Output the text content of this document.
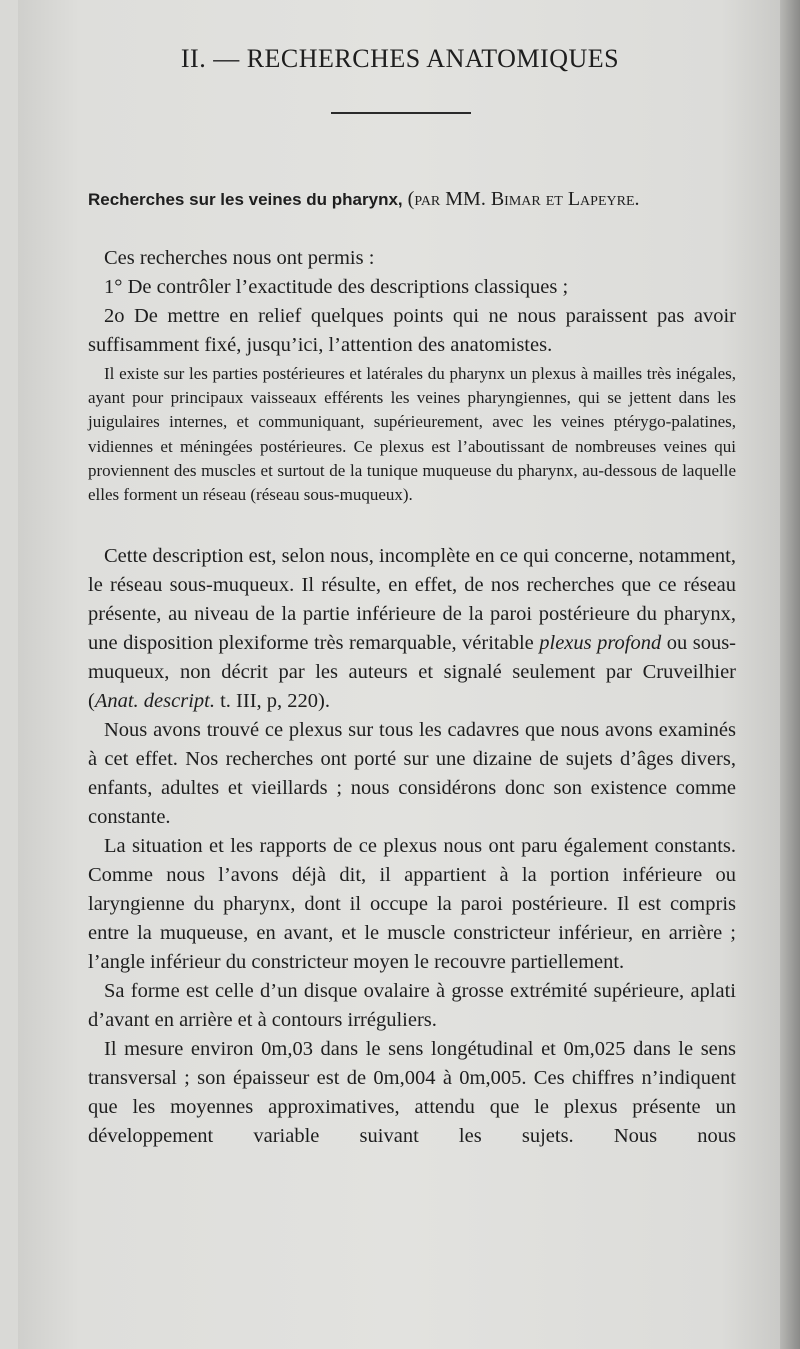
II. — RECHERCHES ANATOMIQUES
Recherches sur les veines du pharynx, (par MM. Bimar et Lapeyre.

Ces recherches nous ont permis :

1° De contrôler l’exactitude des descriptions classiques ;

2o De mettre en relief quelques points qui ne nous paraissent pas avoir suffisamment fixé, jusqu’ici, l’attention des anatomistes.

Il existe sur les parties postérieures et latérales du pharynx un plexus à mailles très inégales, ayant pour principaux vaisseaux efférents les veines pharyngiennes, qui se jettent dans les juigulaires internes, et communiquant, supérieurement, avec les veines ptérygo-palatines, vidiennes et méningées postérieures. Ce plexus est l’aboutissant de nombreuses veines qui proviennent des muscles et surtout de la tunique muqueuse du pharynx, au-dessous de laquelle elles forment un réseau (réseau sous-muqueux).

Cette description est, selon nous, incomplète en ce qui concerne, notamment, le réseau sous-muqueux. Il résulte, en effet, de nos recherches que ce réseau présente, au niveau de la partie inférieure de la paroi postérieure du pharynx, une disposition plexiforme très remarquable, véritable plexus profond ou sous-muqueux, non décrit par les auteurs et signalé seulement par Cruveilhier (Anat. descript. t. III, p, 220).

Nous avons trouvé ce plexus sur tous les cadavres que nous avons examinés à cet effet. Nos recherches ont porté sur une dizaine de sujets d’âges divers, enfants, adultes et vieillards ; nous considérons donc son existence comme constante.

La situation et les rapports de ce plexus nous ont paru également constants. Comme nous l’avons déjà dit, il appartient à la portion inférieure ou laryngienne du pharynx, dont il occupe la paroi postérieure. Il est compris entre la muqueuse, en avant, et le muscle constricteur inférieur, en arrière ; l’angle inférieur du constricteur moyen le recouvre partiellement.

Sa forme est celle d’un disque ovalaire à grosse extrémité supérieure, aplati d’avant en arrière et à contours irréguliers.

Il mesure environ 0m,03 dans le sens longétudinal et 0m,025 dans le sens transversal ; son épaisseur est de 0m,004 à 0m,005. Ces chiffres n’indiquent que les moyennes approximatives, attendu que le plexus présente un développement variable suivant les sujets. Nous nous
